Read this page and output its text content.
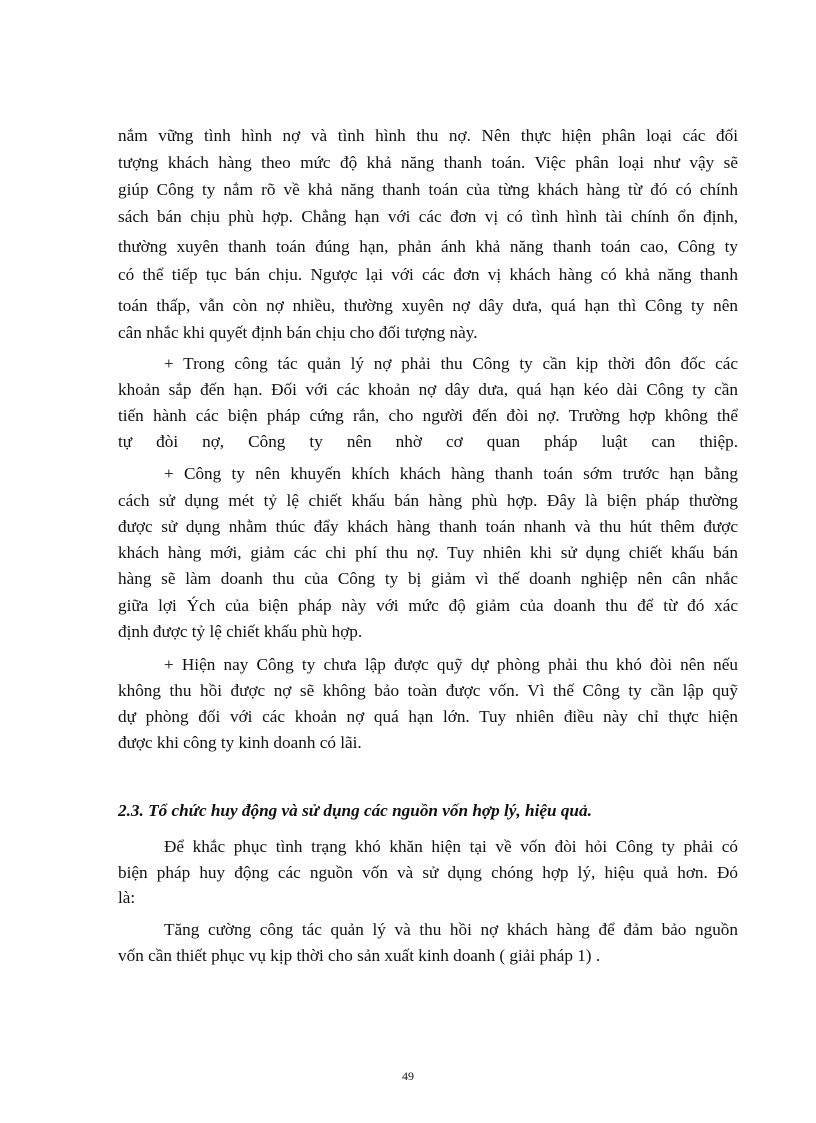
nắm vững tình hình nợ và tình hình thu nợ. Nên thực hiện phân loại các đối
tượng khách hàng theo mức độ khả năng thanh toán. Việc phân loại như vậy sẽ
giúp Công ty nắm rõ về khả năng thanh toán của từng khách hàng từ đó có chính
sách bán chịu phù hợp. Chẳng hạn với các đơn vị có tình hình tài chính ổn định,
thường xuyên thanh toán đúng hạn, phản ánh khả năng thanh toán cao, Công ty
có thể tiếp tục bán chịu. Ngược lại với các đơn vị khách hàng có khả năng thanh
toán thấp, vẫn còn nợ nhiều, thường xuyên nợ dây dưa, quá hạn thì Công ty nên
cân nhắc khi quyết định bán chịu cho đối tượng này.
+ Trong công tác quản lý nợ phải thu Công ty cần kịp thời đôn đốc các
khoản sắp đến hạn. Đối với các khoản nợ dây dưa, quá hạn kéo dài Công ty cần
tiến hành các biện pháp cứng rắn, cho người đến đòi nợ. Trường hợp không thể
tự đòi nợ, Công ty nên nhờ cơ quan pháp luật can thiệp.
+ Công ty nên khuyến khích khách hàng thanh toán sớm trước hạn bằng
cách sử dụng mét tỷ lệ chiết khấu bán hàng phù hợp. Đây là biện pháp thường
được sử dụng nhằm thúc đẩy khách hàng thanh toán nhanh và thu hút thêm được
khách hàng mới, giảm các chi phí thu nợ. Tuy nhiên khi sử dụng chiết khấu bán
hàng sẽ làm doanh thu của Công ty bị giảm vì thế doanh nghiệp nên cân nhắc
giữa lợi Ých của biện pháp này với mức độ giảm của doanh thu để từ đó xác
định được tỷ lệ chiết khấu phù hợp.
+ Hiện nay Công ty chưa lập được quỹ dự phòng phải thu khó đòi nên nếu
không thu hồi được nợ sẽ không bảo toàn được vốn. Vì thế Công ty cần lập quỹ
dự phòng đối với các khoản nợ quá hạn lớn. Tuy nhiên điều này chỉ thực hiện
được khi công ty kinh doanh có lãi.
2.3. Tổ chức huy động và sử dụng các nguồn vốn hợp lý, hiệu quả.
Để khắc phục tình trạng khó khăn hiện tại về vốn đòi hỏi Công ty phải có
biện pháp huy động các nguồn vốn và sử dụng chóng hợp lý, hiệu quả hơn. Đó
là:
Tăng cường công tác quản lý và thu hồi nợ khách hàng để đảm bảo nguồn
vốn cần thiết phục vụ kịp thời cho sản xuất kinh doanh ( giải pháp 1) .
49
